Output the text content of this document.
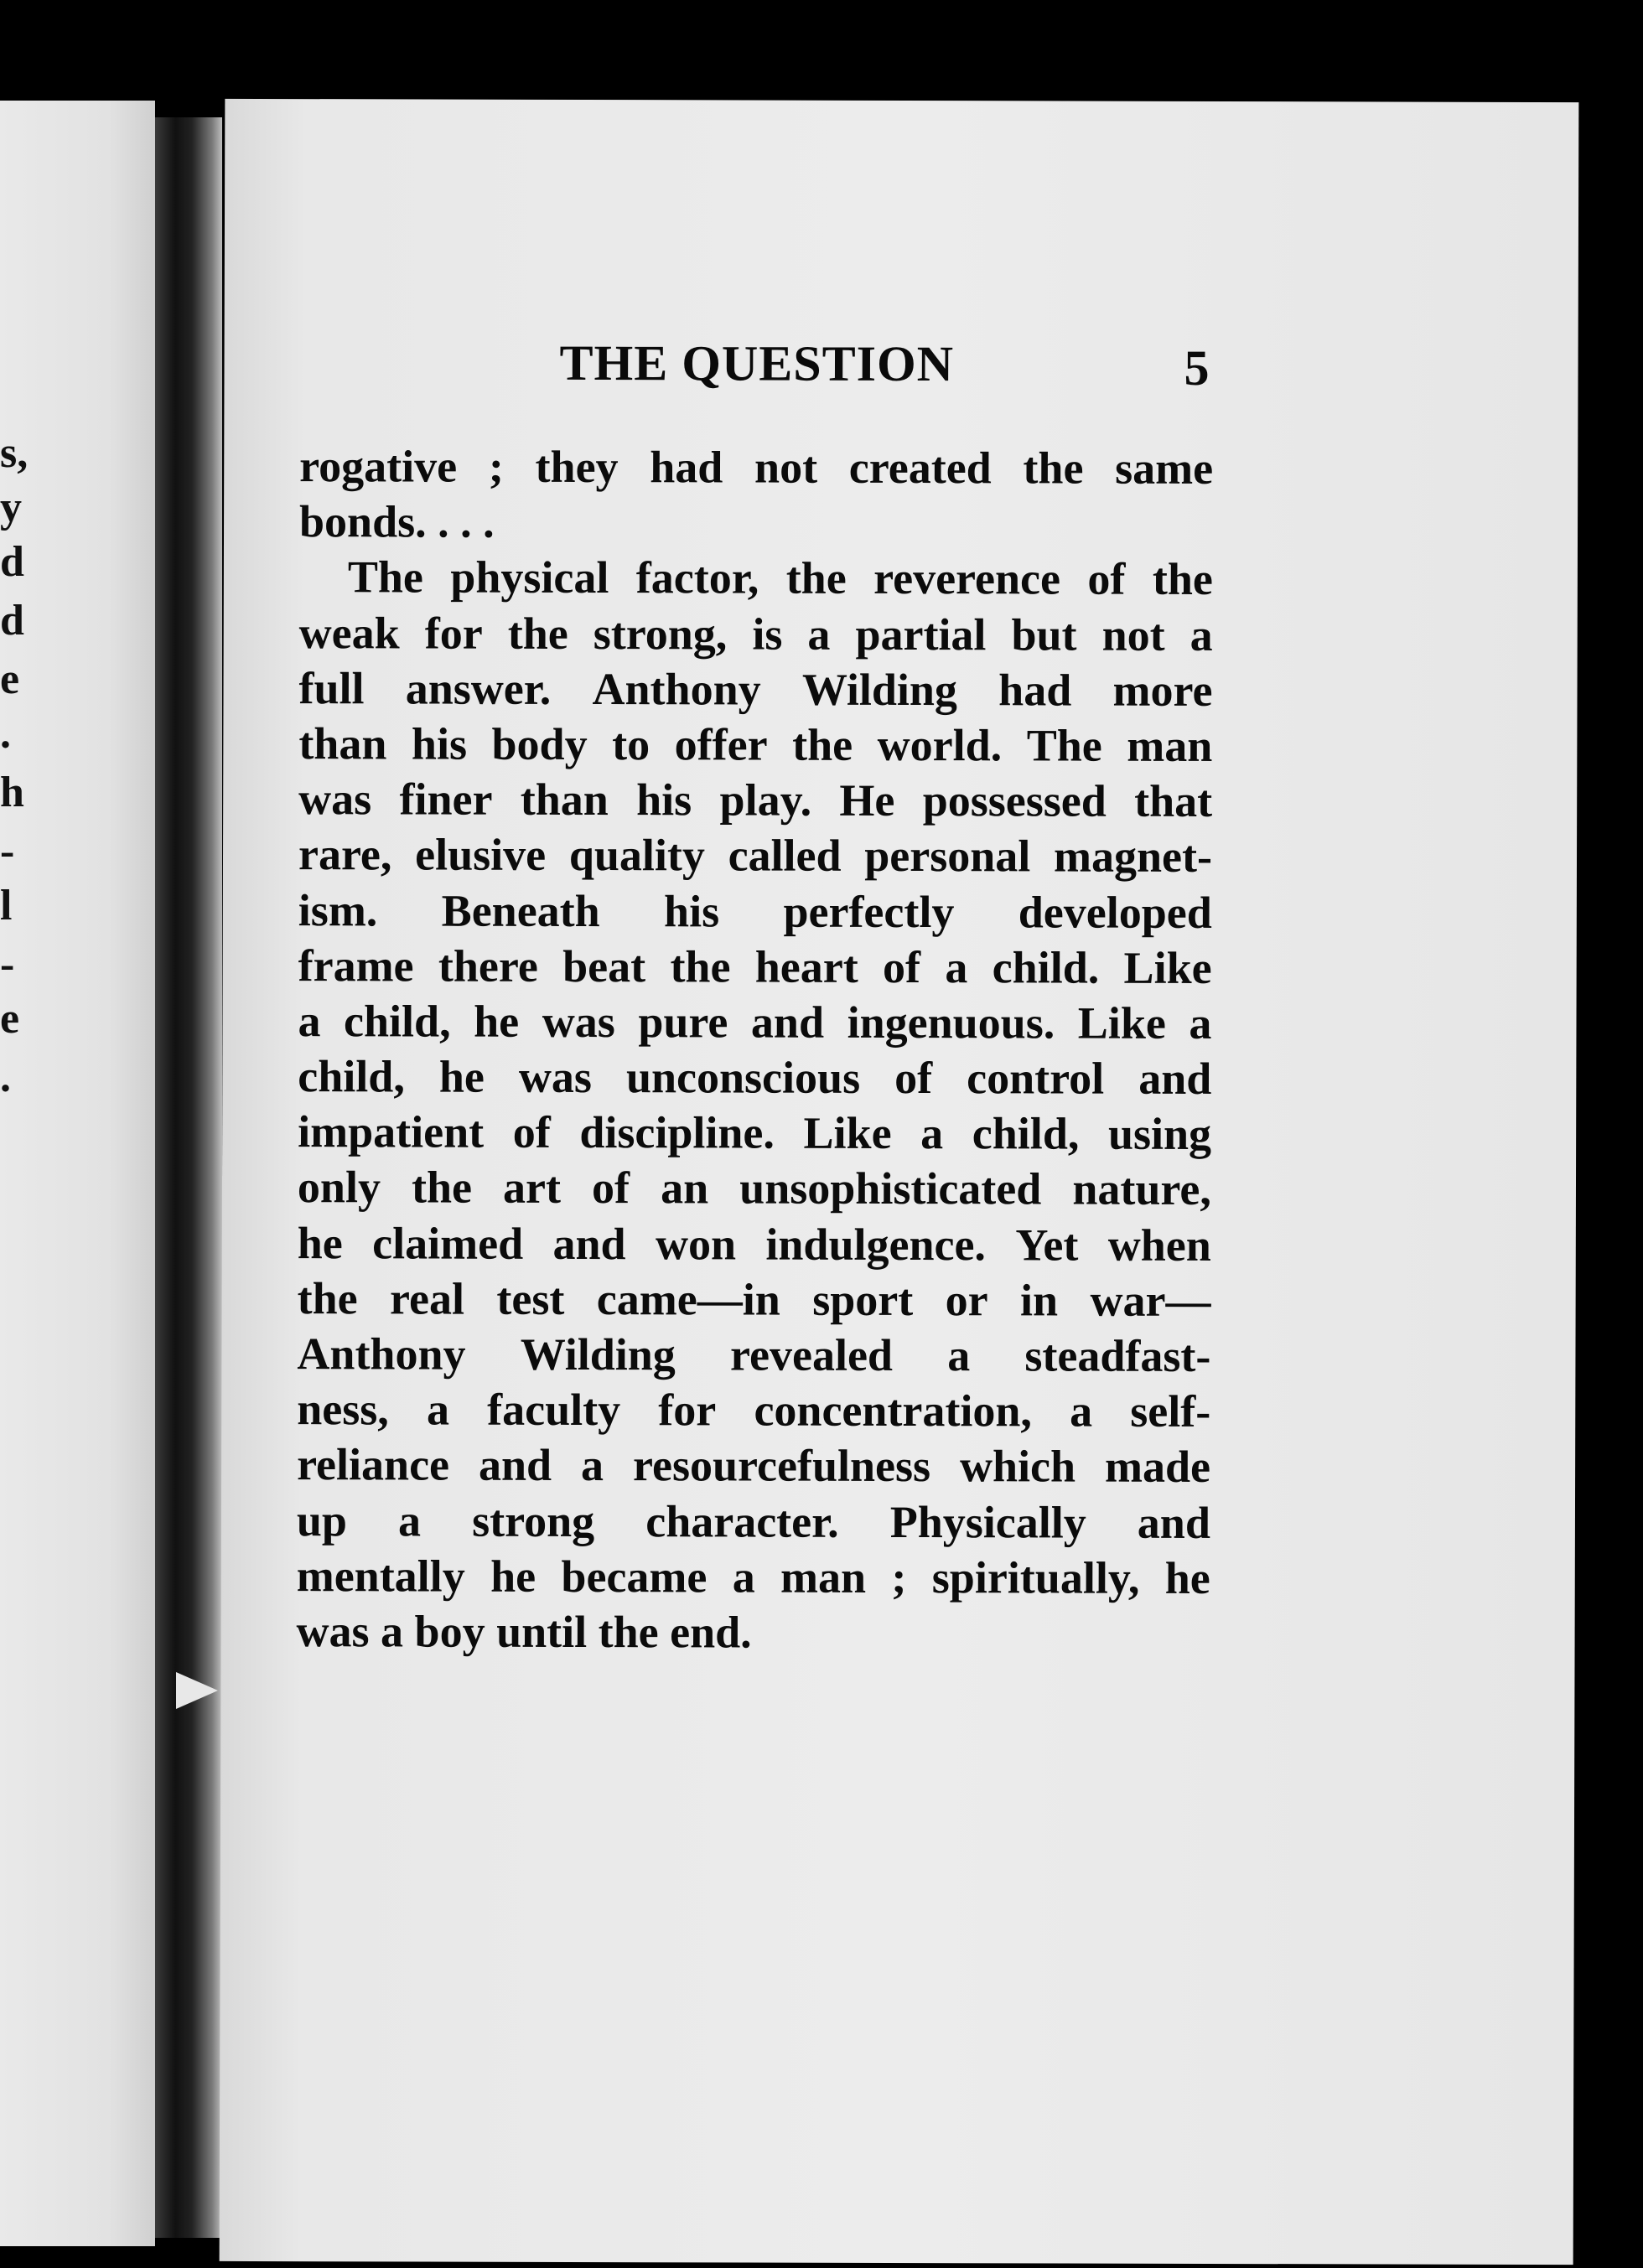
s,
y
d
d
e
.
h
-
l
-
e
.
THE QUESTION	5
rogative ; they had not created the same
bonds. . . .
The physical factor, the reverence of the
weak for the strong, is a partial but not a
full answer. Anthony Wilding had more
than his body to offer the world. The man
was finer than his play. He possessed that
rare, elusive quality called personal magnet-
ism. Beneath his perfectly developed
frame there beat the heart of a child. Like
a child, he was pure and ingenuous. Like a
child, he was unconscious of control and
impatient of discipline. Like a child, using
only the art of an unsophisticated nature,
he claimed and won indulgence. Yet when
the real test came—in sport or in war—
Anthony Wilding revealed a steadfast-
ness, a faculty for concentration, a self-
reliance and a resourcefulness which made
up a strong character. Physically and
mentally he became a man ; spiritually, he
was a boy until the end.
